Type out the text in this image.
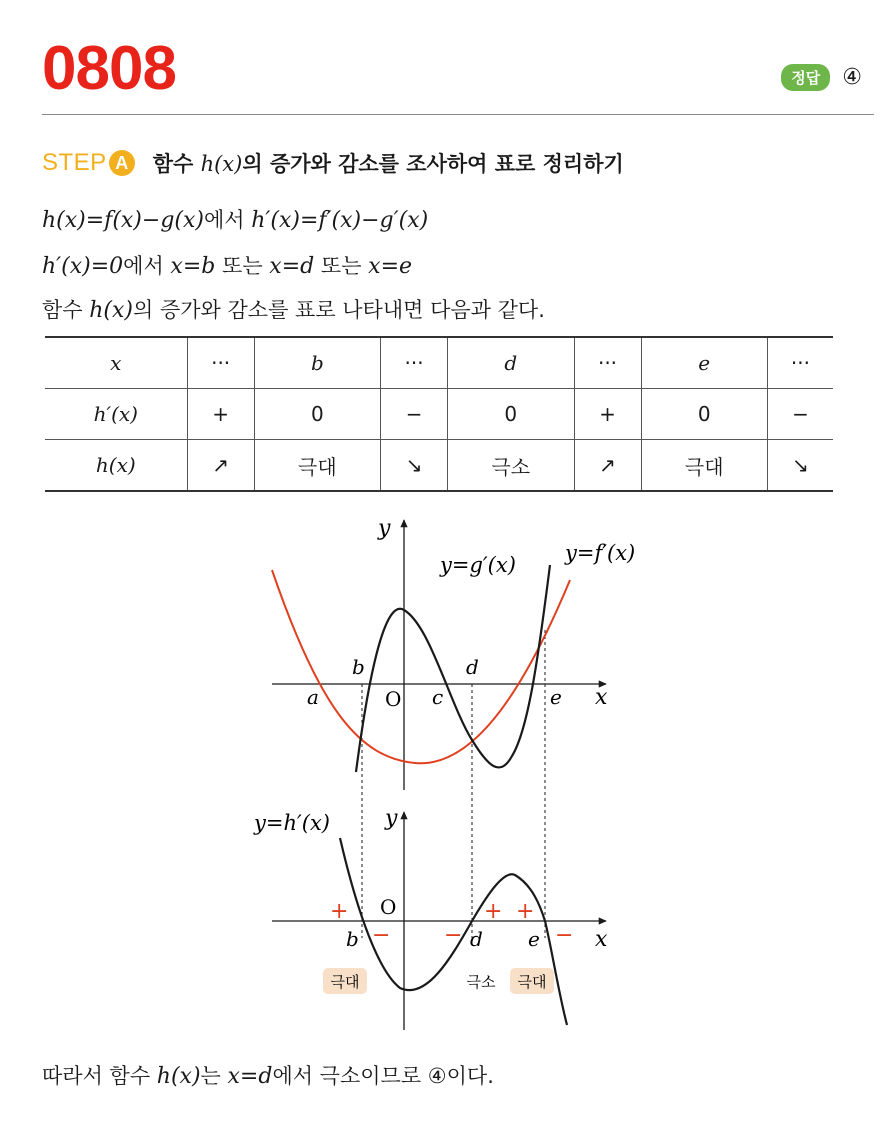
0808	정답	④
STEP A	함수 h(x)의 증가와 감소를 조사하여 표로 정리하기
h(x)=f(x)−g(x)에서 h′(x)=f′(x)−g′(x)
h′(x)=0에서 x=b 또는 x=d 또는 x=e
함수 h(x)의 증가와 감소를 표로 나타내면 다음과 같다.
x	···	b	···	d	···	e	···
h′(x)	+	0	−	0	+	0	−
h(x)	↗	극대	↘	극소	↗	극대	↘
y
x
O
y=g′(x) y=f′(x)
a
b
c
d
e
y
x
O
y=h′(x)
b	d e
+
− −
+ +
−
극대	극소 극대
따라서 함수 h(x)는 x=d에서 극소이므로 ④이다.
